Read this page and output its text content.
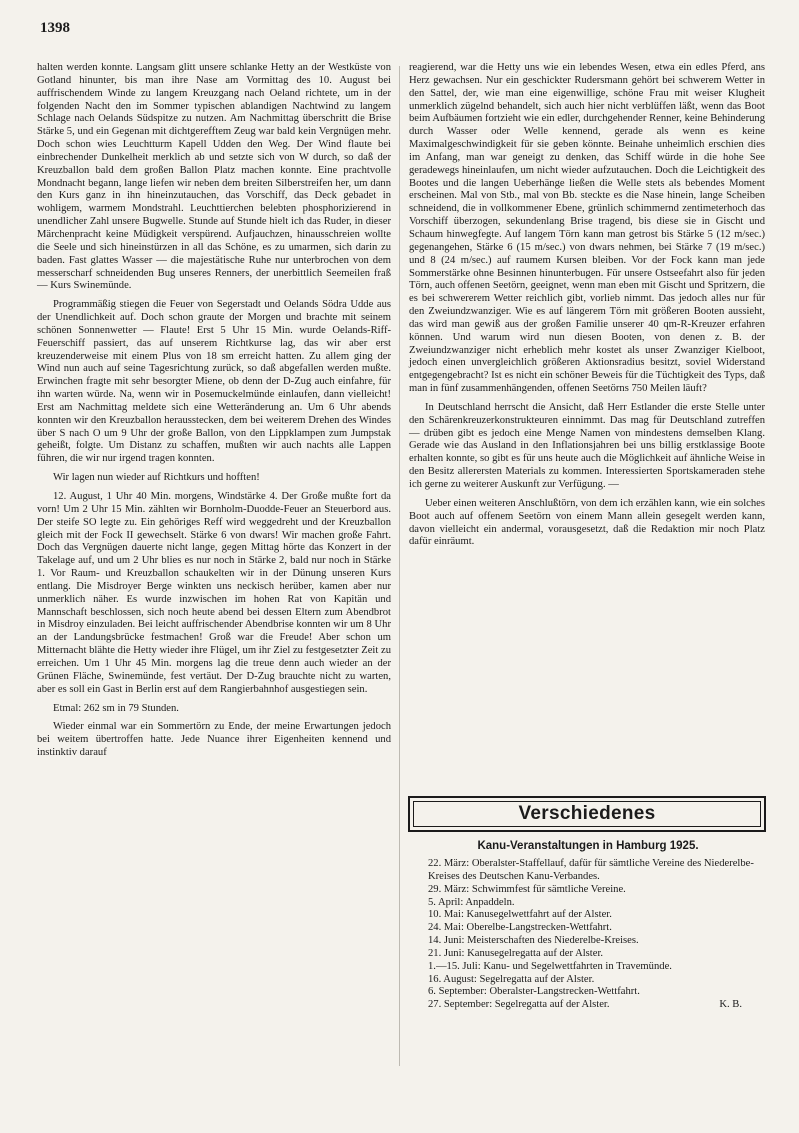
1398

halten werden konnte. Langsam glitt unsere schlanke Hetty an der Westküste von Gotland hinunter, bis man ihre Nase am Vormittag des 10. August bei auffrischendem Winde zu langem Kreuzgang nach Oeland richtete, um in der folgenden Nacht den im Sommer typischen ablandigen Nachtwind zu langem Schlage nach Oelands Südspitze zu nutzen. Am Nachmittag überschritt die Brise Stärke 5, und ein Gegenan mit dichtgerefftem Zeug war bald kein Vergnügen mehr. Doch schon wies Leuchtturm Kapell Udden den Weg. Der Wind flaute bei einbrechender Dunkelheit merklich ab und setzte sich von W durch, so daß der Kreuzballon bald dem großen Ballon Platz machen konnte. Eine prachtvolle Mondnacht begann, lange liefen wir neben dem breiten Silberstreifen her, um dann den Kurs ganz in ihn hineinzutauchen, das Vorschiff, das Deck gebadet in wohligem, warmem Mondstrahl. Leuchttierchen belebten phosphorizierend in unendlicher Zahl unsere Bugwelle. Stunde auf Stunde hielt ich das Ruder, in dieser Märchenpracht keine Müdigkeit verspürend. Aufjauchzen, hinausschreien wollte die Seele und sich hineinstürzen in all das Schöne, es zu umarmen, sich darin zu baden. Fast glattes Wasser — die majestätische Ruhe nur unterbrochen von dem messerscharf schneidenden Bug unseres Renners, der unerbittlich Seemeilen fraß — Kurs Swinemünde.

Programmäßig stiegen die Feuer von Segerstadt und Oelands Södra Udde aus der Unendlichkeit auf. Doch schon graute der Morgen und brachte mit seinem schönen Sonnenwetter — Flaute! Erst 5 Uhr 15 Min. wurde Oelands-Riff-Feuerschiff passiert, das auf unserem Richtkurse lag, das wir aber erst kreuzenderweise mit einem Plus von 18 sm erreicht hatten. Zu allem ging der Wind nun auch auf seine Tagesrichtung zurück, so daß abgefallen werden mußte. Erwinchen fragte mit sehr besorgter Miene, ob denn der D-Zug auch einfahre, für ihn warten würde. Na, wenn wir in Posemuckelmünde einlaufen, dann vielleicht! Erst am Nachmittag meldete sich eine Wetteränderung an. Um 6 Uhr abends konnten wir den Kreuzballon herausstecken, dem bei weiterem Drehen des Windes über S nach O um 9 Uhr der große Ballon, von den Lippklampen zum Jumpstak geheißt, folgte. Um Distanz zu schaffen, mußten wir auch nachts alle Lappen führen, die wir nur irgend tragen konnten.

Wir lagen nun wieder auf Richtkurs und hofften!

12. August, 1 Uhr 40 Min. morgens, Windstärke 4. Der Große mußte fort da vorn! Um 2 Uhr 15 Min. zählten wir Bornholm-Duodde-Feuer an Steuerbord aus. Der steife SO legte zu. Ein gehöriges Reff wird weggedreht und der Kreuzballon gleich mit der Fock II gewechselt. Stärke 6 von dwars! Wir machen große Fahrt. Doch das Vergnügen dauerte nicht lange, gegen Mittag hörte das Konzert in der Takelage auf, und um 2 Uhr blies es nur noch in Stärke 2, bald nur noch in Stärke 1. Vor Raum- und Kreuzballon schaukelten wir in der Dünung unseren Kurs entlang. Die Misdroyer Berge winkten uns neckisch herüber, kamen aber nur unmerklich näher. Es wurde inzwischen im hohen Rat von Kapitän und Mannschaft beschlossen, sich noch heute abend bei dessen Eltern zum Abendbrot in Misdroy einzuladen. Bei leicht auffrischender Abendbrise konnten wir um 8 Uhr an der Landungsbrücke festmachen! Groß war die Freude! Aber schon um Mitternacht blähte die Hetty wieder ihre Flügel, um ihr Ziel zu festgesetzter Zeit zu erreichen. Um 1 Uhr 45 Min. morgens lag die treue denn auch wieder an der Grünen Fläche, Swinemünde, fest vertäut. Der D-Zug brauchte nicht zu warten, aber es soll ein Gast in Berlin erst auf dem Rangierbahnhof ausgestiegen sein.

Etmal: 262 sm in 79 Stunden.

Wieder einmal war ein Sommertörn zu Ende, der meine Erwartungen jedoch bei weitem übertroffen hatte. Jede Nuance ihrer Eigenheiten kennend und instinktiv darauf

reagierend, war die Hetty uns wie ein lebendes Wesen, etwa ein edles Pferd, ans Herz gewachsen. Nur ein geschickter Rudersmann gehört bei schwerem Wetter in den Sattel, der, wie man eine eigenwillige, schöne Frau mit weiser Klugheit unmerklich zügelnd behandelt, sich auch hier nicht verblüffen läßt, wenn das Boot beim Aufbäumen fortzieht wie ein edler, durchgehender Renner, keine Behinderung durch Wasser oder Welle kennend, gerade als wenn es keine Maximalgeschwindigkeit für sie geben könnte. Beinahe unheimlich erschien dies im Anfang, man war geneigt zu denken, das Schiff würde in die hohe See geradewegs hineinlaufen, um nicht wieder aufzutauchen. Doch die Leichtigkeit des Bootes und die langen Ueberhänge ließen die Welle stets als bebendes Moment erscheinen. Mal von Stb., mal von Bb. steckte es die Nase hinein, lange Scheiben schneidend, die in vollkommener Ebene, grünlich schimmernd zentimeterhoch das Vorschiff überzogen, sekundenlang Brise tragend, bis diese sie in Gischt und Schaum hinwegfegte. Auf langem Törn kann man getrost bis Stärke 5 (12 m/sec.) gegenangehen, Stärke 6 (15 m/sec.) von dwars nehmen, bei Stärke 7 (19 m/sec.) und 8 (24 m/sec.) auf raumem Kursen bleiben. Vor der Fock kann man jede Sommerstärke ohne Besinnen hinunterbugen. Für unsere Ostseefahrt also für jeden Törn, auch offenen Seetörn, geeignet, wenn man eben mit Gischt und Spritzern, die es bei schwererem Wetter reichlich gibt, vorlieb nimmt. Das jedoch alles nur für den Zweiundzwanziger. Wie es auf längerem Törn mit größeren Booten aussieht, das wird man gewiß aus der großen Familie unserer 40 qm-R-Kreuzer erfahren können. Und warum wird nun diesen Booten, von denen z. B. der Zweiundzwanziger nicht erheblich mehr kostet als unser Zwanziger Kielboot, jedoch einen unvergleichlich größeren Aktionsradius besitzt, soviel Widerstand entgegengebracht? Ist es nicht ein schöner Beweis für die Tüchtigkeit des Typs, daß man in fünf zusammenhängenden, offenen Seetörns 750 Meilen läuft?

In Deutschland herrscht die Ansicht, daß Herr Estlander die erste Stelle unter den Schärenkreuzerkonstrukteuren einnimmt. Das mag für Deutschland zutreffen — drüben gibt es jedoch eine Menge Namen von mindestens demselben Klang. Gerade wie das Ausland in den Inflationsjahren bei uns billig erstklassige Boote erhalten konnte, so gibt es für uns heute auch die Möglichkeit auf ähnliche Weise in den Besitz allerersten Materials zu kommen. Interessierten Sportskameraden stehe ich gerne zu weiterer Auskunft zur Verfügung. —

Ueber einen weiteren Anschlußtörn, von dem ich erzählen kann, wie ein solches Boot auch auf offenem Seetörn von einem Mann allein gesegelt werden kann, davon vielleicht ein andermal, vorausgesetzt, daß die Redaktion mir noch Platz dafür einräumt.

Verschiedenes
Kanu-Veranstaltungen in Hamburg 1925.
22. März: Oberalster-Staffellauf, dafür für sämtliche Vereine des Niederelbe-Kreises des Deutschen Kanu-Verbandes.
29. März: Schwimmfest für sämtliche Vereine.
5. April: Anpaddeln.
10. Mai: Kanusegelwettfahrt auf der Alster.
24. Mai: Oberelbe-Langstrecken-Wettfahrt.
14. Juni: Meisterschaften des Niederelbe-Kreises.
21. Juni: Kanusegelregatta auf der Alster.
1.—15. Juli: Kanu- und Segelwettfahrten in Travemünde.
16. August: Segelregatta auf der Alster.
6. September: Oberalster-Langstrecken-Wettfahrt.
27. September: Segelregatta auf der Alster.	K. B.
